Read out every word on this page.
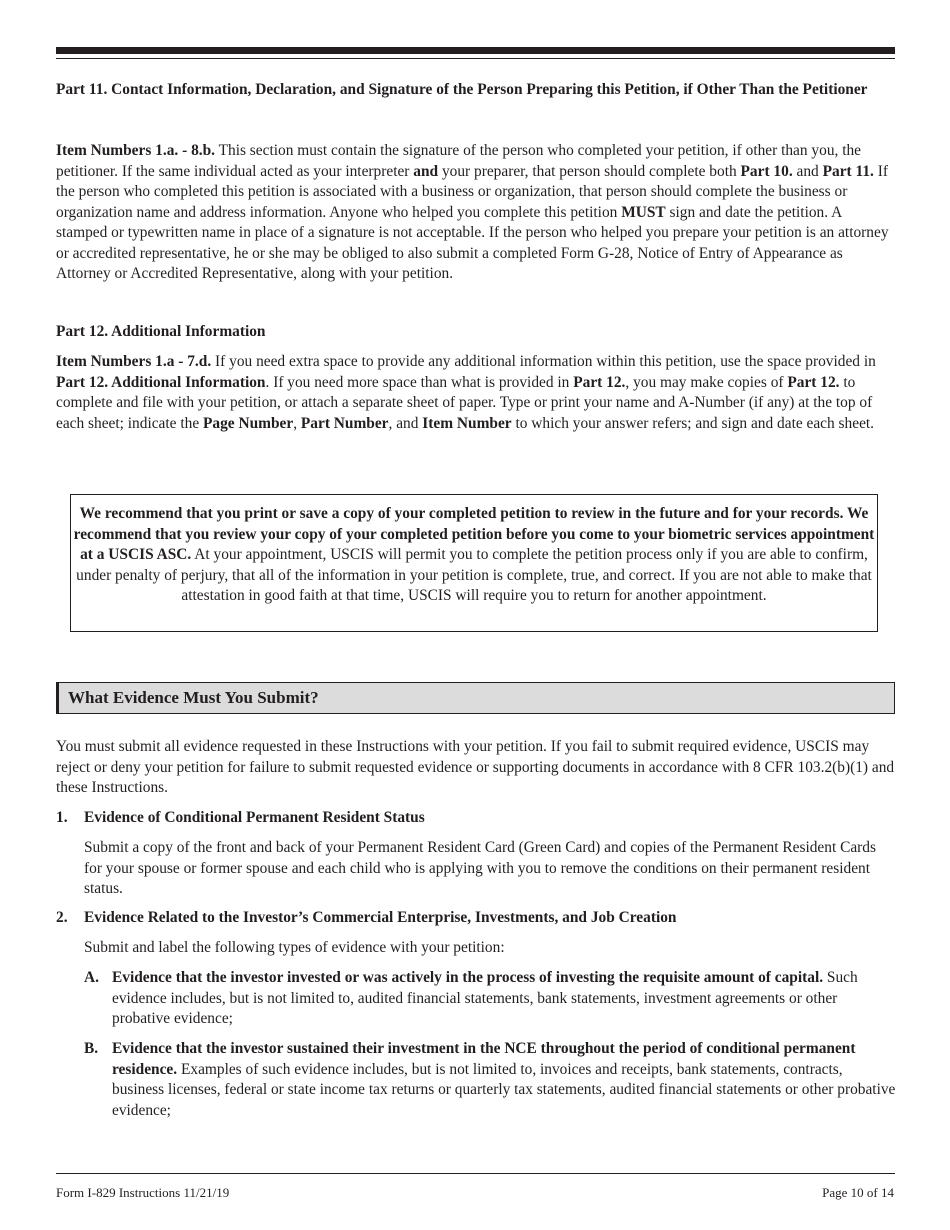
Part 11. Contact Information, Declaration, and Signature of the Person Preparing this Petition, if Other Than the Petitioner

Item Numbers 1.a. - 8.b. This section must contain the signature of the person who completed your petition, if other than you, the petitioner. If the same individual acted as your interpreter and your preparer, that person should complete both Part 10. and Part 11. If the person who completed this petition is associated with a business or organization, that person should complete the business or organization name and address information. Anyone who helped you complete this petition MUST sign and date the petition. A stamped or typewritten name in place of a signature is not acceptable. If the person who helped you prepare your petition is an attorney or accredited representative, he or she may be obliged to also submit a completed Form G-28, Notice of Entry of Appearance as Attorney or Accredited Representative, along with your petition.

Part 12. Additional Information

Item Numbers 1.a - 7.d. If you need extra space to provide any additional information within this petition, use the space provided in Part 12. Additional Information. If you need more space than what is provided in Part 12., you may make copies of Part 12. to complete and file with your petition, or attach a separate sheet of paper. Type or print your name and A-Number (if any) at the top of each sheet; indicate the Page Number, Part Number, and Item Number to which your answer refers; and sign and date each sheet.

We recommend that you print or save a copy of your completed petition to review in the future and for your records. We recommend that you review your copy of your completed petition before you come to your biometric services appointment at a USCIS ASC. At your appointment, USCIS will permit you to complete the petition process only if you are able to confirm, under penalty of perjury, that all of the information in your petition is complete, true, and correct. If you are not able to make that attestation in good faith at that time, USCIS will require you to return for another appointment.
What Evidence Must You Submit?

You must submit all evidence requested in these Instructions with your petition. If you fail to submit required evidence, USCIS may reject or deny your petition for failure to submit requested evidence or supporting documents in accordance with 8 CFR 103.2(b)(1) and these Instructions.

1. Evidence of Conditional Permanent Resident Status

Submit a copy of the front and back of your Permanent Resident Card (Green Card) and copies of the Permanent Resident Cards for your spouse or former spouse and each child who is applying with you to remove the conditions on their permanent resident status.

2. Evidence Related to the Investor’s Commercial Enterprise, Investments, and Job Creation

Submit and label the following types of evidence with your petition:

A. Evidence that the investor invested or was actively in the process of investing the requisite amount of capital. Such evidence includes, but is not limited to, audited financial statements, bank statements, investment agreements or other probative evidence;

B. Evidence that the investor sustained their investment in the NCE throughout the period of conditional permanent residence. Examples of such evidence includes, but is not limited to, invoices and receipts, bank statements, contracts, business licenses, federal or state income tax returns or quarterly tax statements, audited financial statements or other probative evidence;

Form I-829 Instructions 11/21/19	Page 10 of 14
